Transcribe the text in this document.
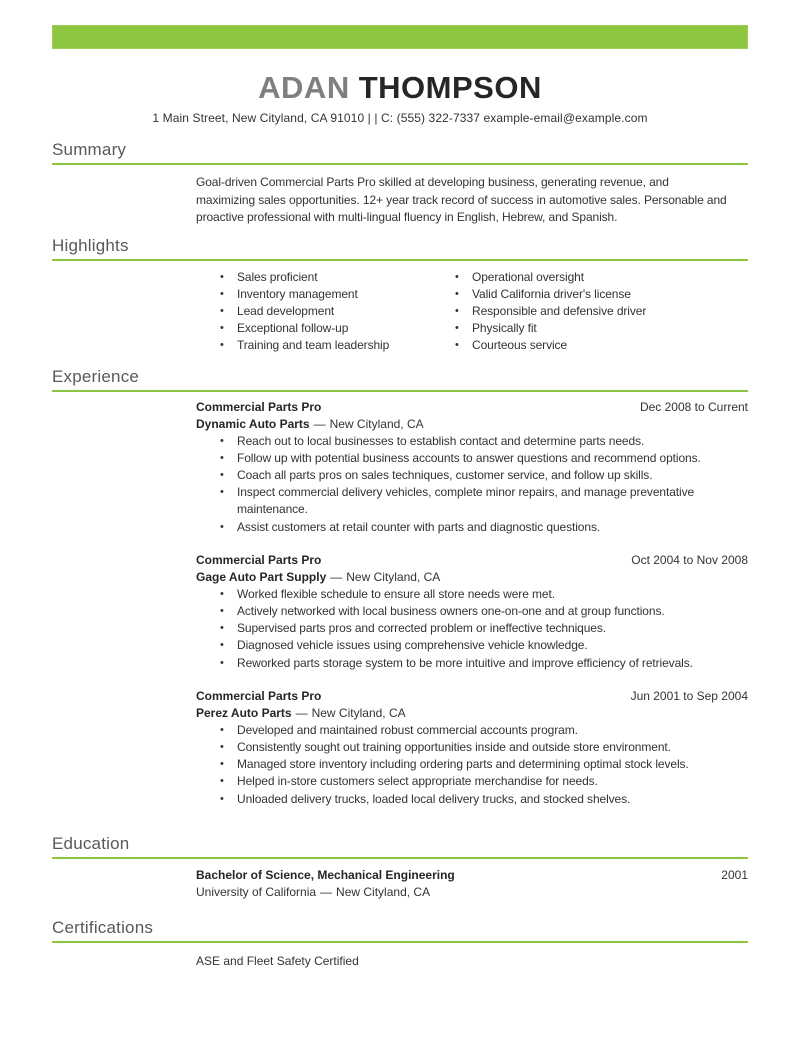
ADAN THOMPSON
1 Main Street, New Cityland, CA 91010 | | C: (555) 322-7337 example-email@example.com
Summary
Goal-driven Commercial Parts Pro skilled at developing business, generating revenue, and maximizing sales opportunities. 12+ year track record of success in automotive sales. Personable and proactive professional with multi-lingual fluency in English, Hebrew, and Spanish.
Highlights
•	Sales proficient
•	Inventory management
•	Lead development
•	Exceptional follow-up
•	Training and team leadership
•	Operational oversight
•	Valid California driver's license
•	Responsible and defensive driver
•	Physically fit
•	Courteous service
Experience
Commercial Parts Pro	Dec 2008 to Current
Dynamic Auto Parts — New Cityland, CA
•	Reach out to local businesses to establish contact and determine parts needs.
•	Follow up with potential business accounts to answer questions and recommend options.
•	Coach all parts pros on sales techniques, customer service, and follow up skills.
•	Inspect commercial delivery vehicles, complete minor repairs, and manage preventative maintenance.
•	Assist customers at retail counter with parts and diagnostic questions.
Commercial Parts Pro	Oct 2004 to Nov 2008
Gage Auto Part Supply — New Cityland, CA
•	Worked flexible schedule to ensure all store needs were met.
•	Actively networked with local business owners one-on-one and at group functions.
•	Supervised parts pros and corrected problem or ineffective techniques.
•	Diagnosed vehicle issues using comprehensive vehicle knowledge.
•	Reworked parts storage system to be more intuitive and improve efficiency of retrievals.
Commercial Parts Pro	Jun 2001 to Sep 2004
Perez Auto Parts — New Cityland, CA
•	Developed and maintained robust commercial accounts program.
•	Consistently sought out training opportunities inside and outside store environment.
•	Managed store inventory including ordering parts and determining optimal stock levels.
•	Helped in-store customers select appropriate merchandise for needs.
•	Unloaded delivery trucks, loaded local delivery trucks, and stocked shelves.
Education
Bachelor of Science, Mechanical Engineering	2001
University of California — New Cityland, CA
Certifications
ASE and Fleet Safety Certified
